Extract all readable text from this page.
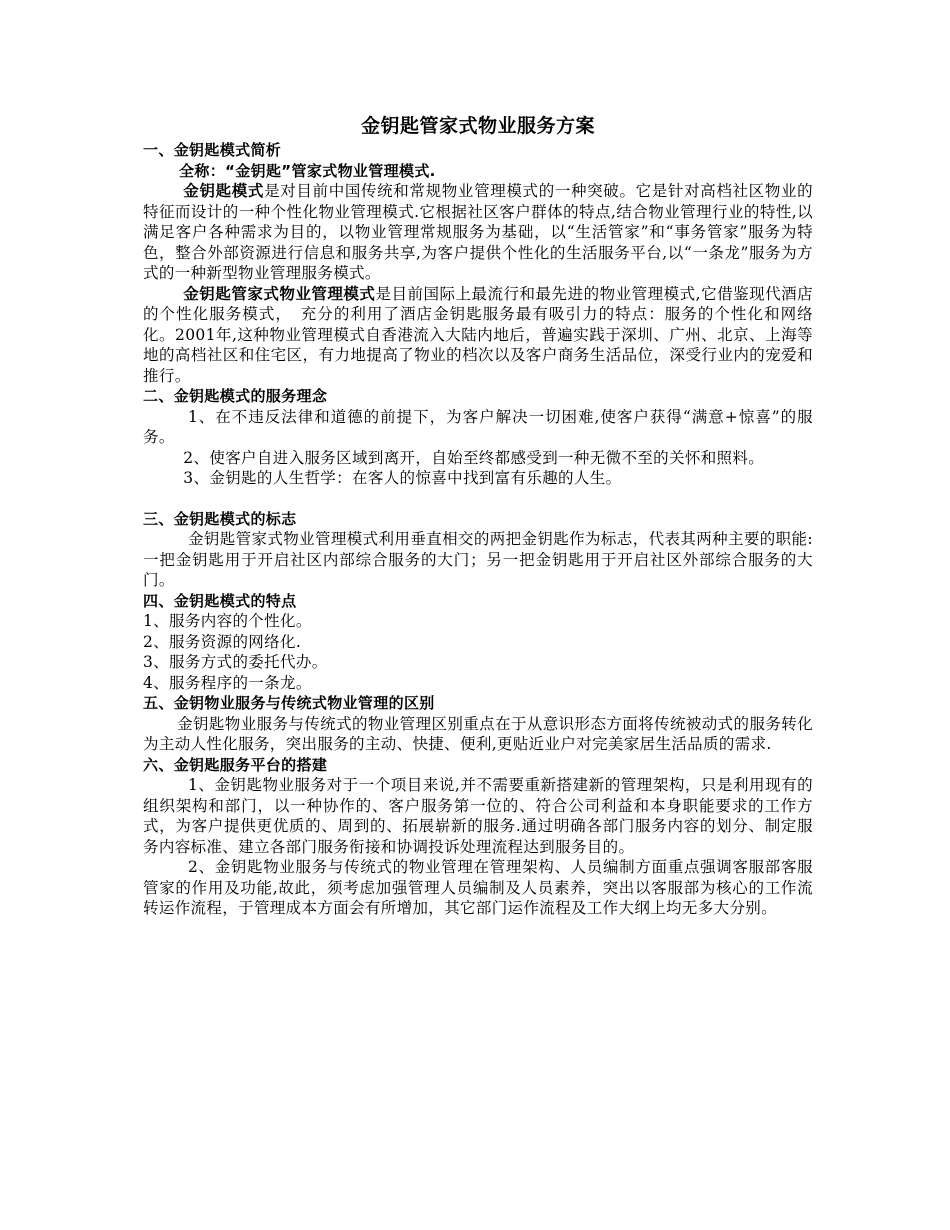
金钥匙管家式物业服务方案
一、金钥匙模式简析

全称：“金钥匙”管家式物业管理模式.

金钥匙模式是对目前中国传统和常规物业管理模式的一种突破。它是针对高档社区物业的特征而设计的一种个性化物业管理模式.它根据社区客户群体的特点,结合物业管理行业的特性,以满足客户各种需求为目的，以物业管理常规服务为基础，以“生活管家”和“事务管家”服务为特色，整合外部资源进行信息和服务共享,为客户提供个性化的生活服务平台,以“一条龙”服务为方式的一种新型物业管理服务模式。

金钥匙管家式物业管理模式是目前国际上最流行和最先进的物业管理模式,它借鉴现代酒店的个性化服务模式，　充分的利用了酒店金钥匙服务最有吸引力的特点：服务的个性化和网络化。2001年,这种物业管理模式自香港流入大陆内地后，普遍实践于深圳、广州、北京、上海等地的高档社区和住宅区，有力地提高了物业的档次以及客户商务生活品位，深受行业内的宠爱和推行。

二、金钥匙模式的服务理念

1、在不违反法律和道德的前提下，为客户解决一切困难,使客户获得“满意+惊喜”的服务。

2、使客户自进入服务区域到离开，自始至终都感受到一种无微不至的关怀和照料。

3、金钥匙的人生哲学：在客人的惊喜中找到富有乐趣的人生。

三、金钥匙模式的标志

金钥匙管家式物业管理模式利用垂直相交的两把金钥匙作为标志，代表其两种主要的职能:一把金钥匙用于开启社区内部综合服务的大门；另一把金钥匙用于开启社区外部综合服务的大门。

四、金钥匙模式的特点

1、服务内容的个性化。

2、服务资源的网络化.

3、服务方式的委托代办。

4、服务程序的一条龙。

五、金钥物业服务与传统式物业管理的区别

金钥匙物业服务与传统式的物业管理区别重点在于从意识形态方面将传统被动式的服务转化为主动人性化服务，突出服务的主动、快捷、便利,更贴近业户对完美家居生活品质的需求.

六、金钥匙服务平台的搭建

1、金钥匙物业服务对于一个项目来说,并不需要重新搭建新的管理架构，只是利用现有的组织架构和部门，以一种协作的、客户服务第一位的、符合公司利益和本身职能要求的工作方式，为客户提供更优质的、周到的、拓展崭新的服务.通过明确各部门服务内容的划分、制定服务内容标准、建立各部门服务衔接和协调投诉处理流程达到服务目的。

2、金钥匙物业服务与传统式的物业管理在管理架构、人员编制方面重点强调客服部客服管家的作用及功能,故此，须考虑加强管理人员编制及人员素养，突出以客服部为核心的工作流转运作流程，于管理成本方面会有所增加，其它部门运作流程及工作大纲上均无多大分别。
